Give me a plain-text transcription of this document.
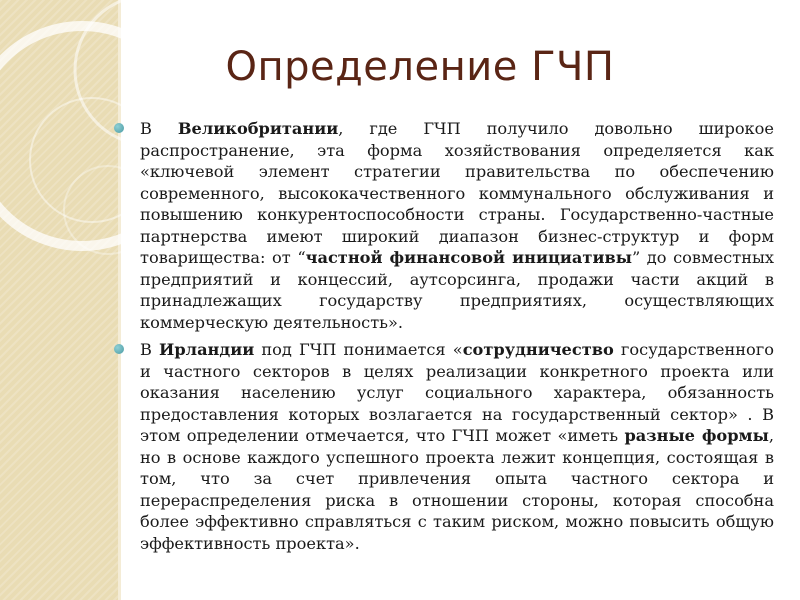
Определение ГЧП
В Великобритании, где ГЧП получило довольно широкое распространение, эта форма хозяйствования определяется как «ключевой элемент стратегии правительства по обеспечению современного, высококачественного коммунального обслуживания и повышению конкурентоспособности страны. Государственно-частные партнерства имеют широкий диапазон бизнес-структур и форм товарищества: от “частной финансовой инициативы” до совместных предприятий и концессий, аутсорсинга, продажи части акций в принадлежащих государству предприятиях, осуществляющих коммерческую деятельность».
В Ирландии под ГЧП понимается «сотрудничество государственного и частного секторов в целях реализации конкретного проекта или оказания населению услуг социального характера, обязанность предоставления которых возлагается на государственный сектор» . В этом определении отмечается, что ГЧП может «иметь разные формы, но в основе каждого успешного проекта лежит концепция, состоящая в том, что за счет привлечения опыта частного сектора и перераспределения риска в отношении стороны, которая способна более эффективно справляться с таким риском, можно повысить общую эффективность проекта».
